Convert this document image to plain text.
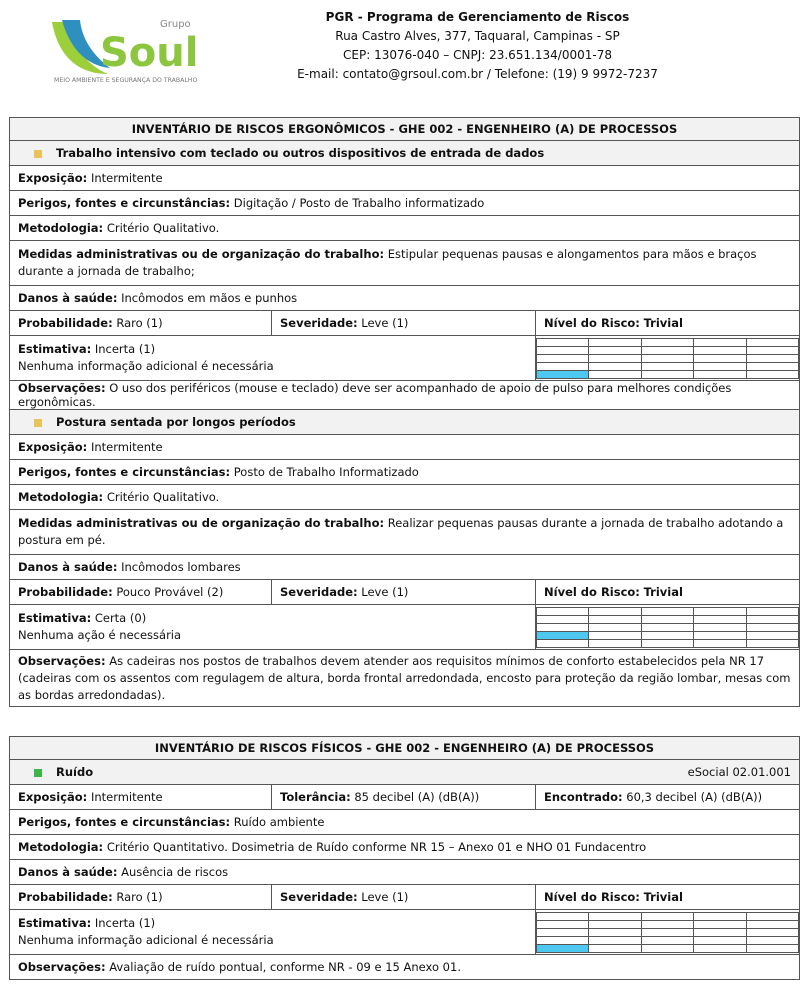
Grupo
Soul
MEIO AMBIENTE E SEGURANÇA DO TRABALHO
PGR - Programa de Gerenciamento de Riscos
Rua Castro Alves, 377, Taquaral, Campinas - SP
CEP: 13076-040 – CNPJ: 23.651.134/0001-78
E-mail: contato@grsoul.com.br / Telefone: (19) 9 9972-7237
INVENTÁRIO DE RISCOS ERGONÔMICOS - GHE 002 - ENGENHEIRO (A) DE PROCESSOS
Trabalho intensivo com teclado ou outros dispositivos de entrada de dados
Exposição: Intermitente
Perigos, fontes e circunstâncias: Digitação / Posto de Trabalho informatizado
Metodologia: Critério Qualitativo.
Medidas administrativas ou de organização do trabalho: Estipular pequenas pausas e alongamentos para mãos e braços durante a jornada de trabalho;
Danos à saúde: Incômodos em mãos e punhos
Probabilidade: Raro (1)	Severidade: Leve (1)	Nível do Risco: Trivial
Estimativa: Incerta (1)
Nenhuma informação adicional é necessária	

Observações: O uso dos periféricos (mouse e teclado) deve ser acompanhado de apoio de pulso para melhores condições ergonômicas.
Postura sentada por longos períodos
Exposição: Intermitente
Perigos, fontes e circunstâncias: Posto de Trabalho Informatizado
Metodologia: Critério Qualitativo.
Medidas administrativas ou de organização do trabalho: Realizar pequenas pausas durante a jornada de trabalho adotando a postura em pé.
Danos à saúde: Incômodos lombares
Probabilidade: Pouco Provável (2)	Severidade: Leve (1)	Nível do Risco: Trivial
Estimativa: Certa (0)
Nenhuma ação é necessária	

Observações: As cadeiras nos postos de trabalhos devem atender aos requisitos mínimos de conforto estabelecidos pela NR 17 (cadeiras com os assentos com regulagem de altura, borda frontal arredondada, encosto para proteção da região lombar, mesas com as bordas arredondadas).
INVENTÁRIO DE RISCOS FÍSICOS - GHE 002 - ENGENHEIRO (A) DE PROCESSOS
Ruído	eSocial 02.01.001

Exposição: Intermitente	Tolerância: 85 decibel (A) (dB(A))	Encontrado: 60,3 decibel (A) (dB(A))
Perigos, fontes e circunstâncias: Ruído ambiente
Metodologia: Critério Quantitativo. Dosimetria de Ruído conforme NR 15 – Anexo 01 e NHO 01 Fundacentro
Danos à saúde: Ausência de riscos
Probabilidade: Raro (1)	Severidade: Leve (1)	Nível do Risco: Trivial
Estimativa: Incerta (1)
Nenhuma informação adicional é necessária	

Observações: Avaliação de ruído pontual, conforme NR - 09 e 15 Anexo 01.
